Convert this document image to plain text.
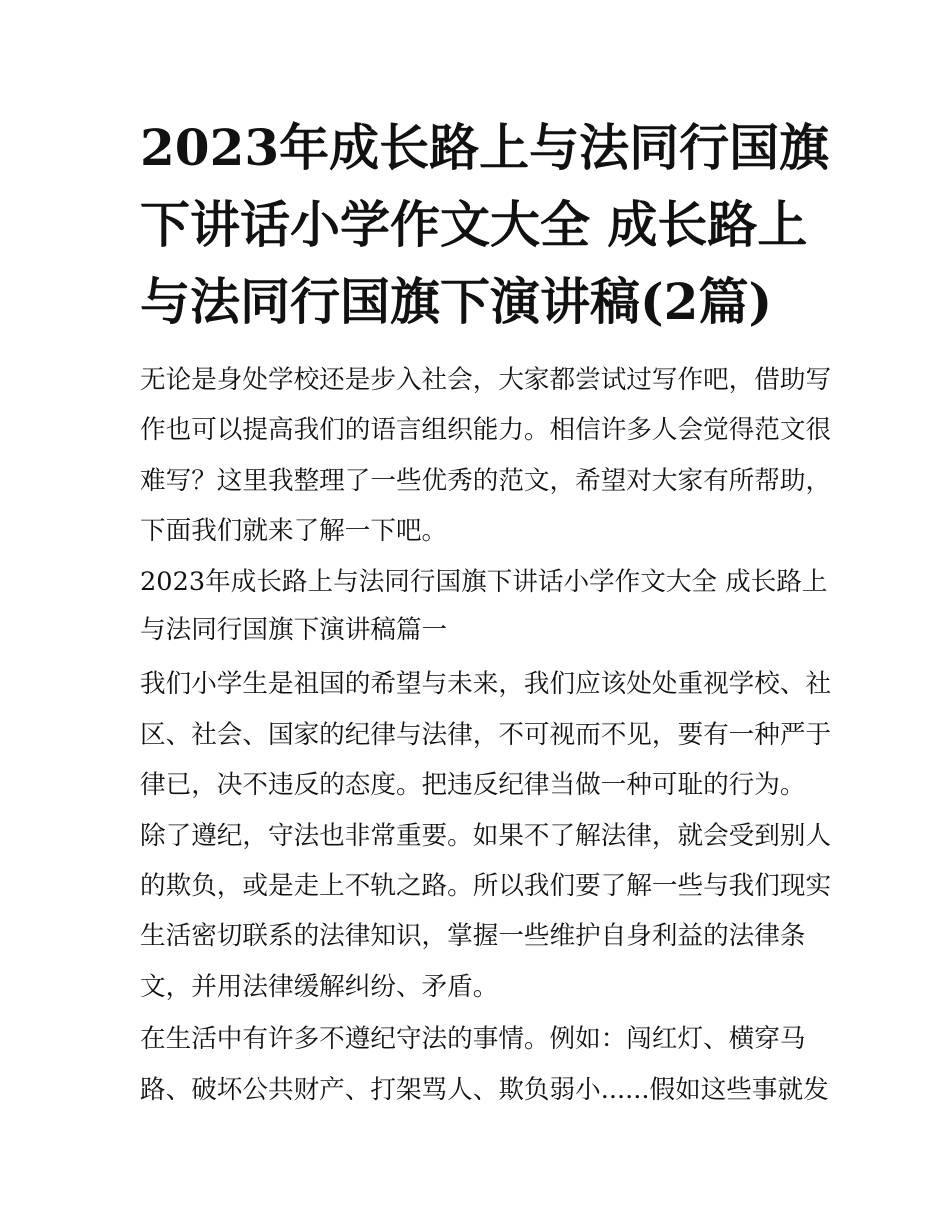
2023年成长路上与法同行国旗
下讲话小学作文大全 成长路上
与法同行国旗下演讲稿(2篇)
无论是身处学校还是步入社会，大家都尝试过写作吧，借助写
作也可以提高我们的语言组织能力。相信许多人会觉得范文很
难写？这里我整理了一些优秀的范文，希望对大家有所帮助，
下面我们就来了解一下吧。
2023年成长路上与法同行国旗下讲话小学作文大全 成长路上
与法同行国旗下演讲稿篇一
我们小学生是祖国的希望与未来，我们应该处处重视学校、社
区、社会、国家的纪律与法律，不可视而不见，要有一种严于
律已，决不违反的态度。把违反纪律当做一种可耻的行为。
除了遵纪，守法也非常重要。如果不了解法律，就会受到别人
的欺负，或是走上不轨之路。所以我们要了解一些与我们现实
生活密切联系的法律知识，掌握一些维护自身利益的法律条
文，并用法律缓解纠纷、矛盾。
在生活中有许多不遵纪守法的事情。例如：闯红灯、横穿马
路、破坏公共财产、打架骂人、欺负弱小......假如这些事就发
